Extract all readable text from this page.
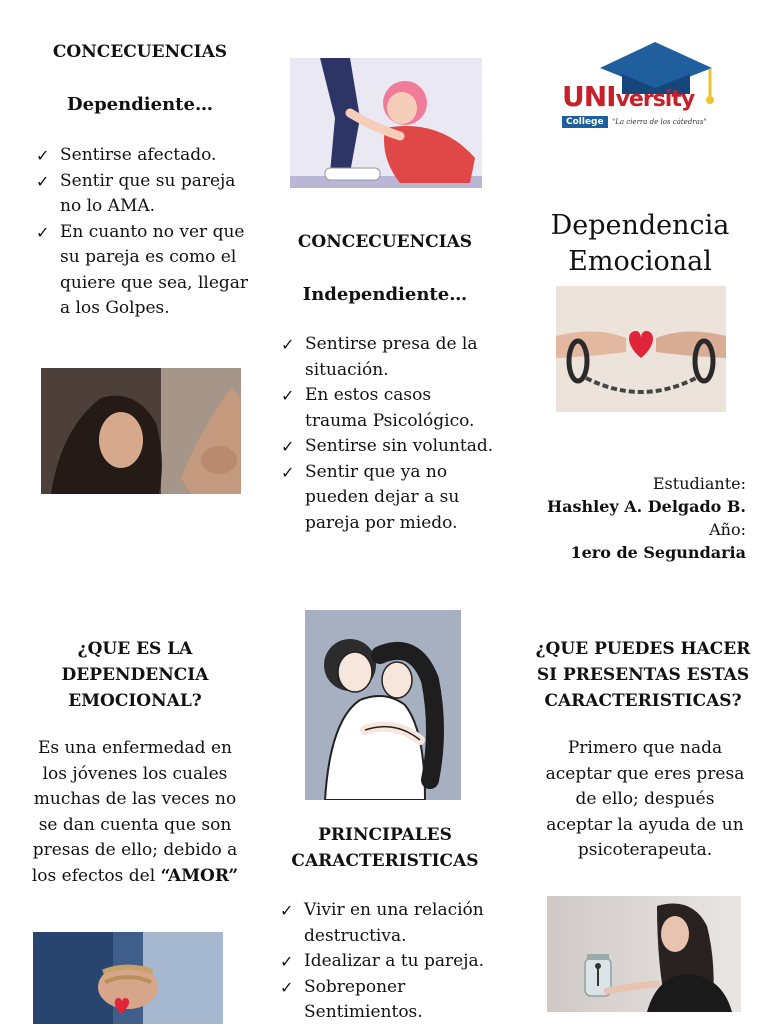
CONCECUENCIAS
Dependiente…
✓ Sentirse afectado.
✓ Sentir que su pareja no lo AMA.
✓ En cuanto no ver que su pareja es como el quiere que sea, llegar a los Golpes.
CONCECUENCIAS
Independiente…
✓ Sentirse presa de la situación.
✓ En estos casos trauma Psicológico.
✓ Sentirse sin voluntad.
✓ Sentir que ya no pueden dejar a su pareja por miedo.
UNIversity
College	"La cierra de los cátedras"
Dependencia
Emocional
Estudiante:
Hashley A. Delgado B.
Año:
1ero de Segundaria
¿QUE ES LA
DEPENDENCIA
EMOCIONAL?
Es una enfermedad en los jóvenes los cuales muchas de las veces no se dan cuenta que son presas de ello; debido a los efectos del “AMOR”
PRINCIPALES
CARACTERISTICAS
✓ Vivir en una relación destructiva.
✓ Idealizar a tu pareja.
✓ Sobreponer Sentimientos.
¿QUE PUEDES HACER
SI PRESENTAS ESTAS
CARACTERISTICAS?
Primero que nada aceptar que eres presa de ello; después aceptar la ayuda de un psicoterapeuta.
